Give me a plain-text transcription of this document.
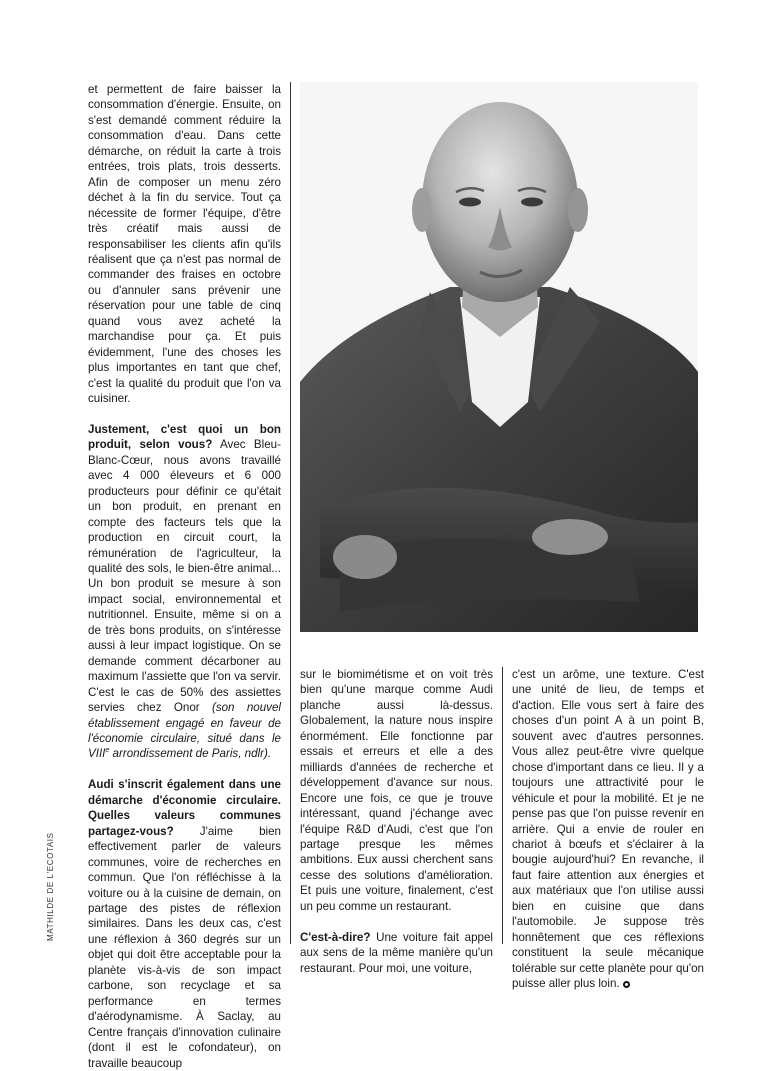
et permettent de faire baisser la consommation d'énergie. Ensuite, on s'est demandé comment réduire la consommation d'eau. Dans cette démarche, on réduit la carte à trois entrées, trois plats, trois desserts. Afin de composer un menu zéro déchet à la fin du service. Tout ça nécessite de former l'équipe, d'être très créatif mais aussi de responsabiliser les clients afin qu'ils réalisent que ça n'est pas normal de commander des fraises en octobre ou d'annuler sans prévenir une réservation pour une table de cinq quand vous avez acheté la marchandise pour ça. Et puis évidemment, l'une des choses les plus importantes en tant que chef, c'est la qualité du produit que l'on va cuisiner.

Justement, c'est quoi un bon produit, selon vous? Avec Bleu-Blanc-Cœur, nous avons travaillé avec 4 000 éleveurs et 6 000 producteurs pour définir ce qu'était un bon produit, en prenant en compte des facteurs tels que la production en circuit court, la rémunération de l'agriculteur, la qualité des sols, le bien-être animal... Un bon produit se mesure à son impact social, environnemental et nutritionnel. Ensuite, même si on a de très bons produits, on s'intéresse aussi à leur impact logistique. On se demande comment décarboner au maximum l'assiette que l'on va servir. C'est le cas de 50% des assiettes servies chez Onor (son nouvel établissement engagé en faveur de l'économie circulaire, situé dans le VIIIe arrondissement de Paris, ndlr).

Audi s'inscrit également dans une démarche d'économie circulaire. Quelles valeurs communes partagez-vous? J'aime bien effectivement parler de valeurs communes, voire de recherches en commun. Que l'on réfléchisse à la voiture ou à la cuisine de demain, on partage des pistes de réflexion similaires. Dans les deux cas, c'est une réflexion à 360 degrés sur un objet qui doit être acceptable pour la planète vis-à-vis de son impact carbone, son recyclage et sa performance en termes d'aérodynamisme. À Saclay, au Centre français d'innovation culinaire (dont il est le cofondateur), on travaille beaucoup

sur le biomimétisme et on voit très bien qu'une marque comme Audi planche aussi là-dessus. Globalement, la nature nous inspire énormément. Elle fonctionne par essais et erreurs et elle a des milliards d'années de recherche et développement d'avance sur nous. Encore une fois, ce que je trouve intéressant, quand j'échange avec l'équipe R&D d'Audi, c'est que l'on partage presque les mêmes ambitions. Eux aussi cherchent sans cesse des solutions d'amélioration. Et puis une voiture, finalement, c'est un peu comme un restaurant.

C'est-à-dire? Une voiture fait appel aux sens de la même manière qu'un restaurant. Pour moi, une voiture,

c'est un arôme, une texture. C'est une unité de lieu, de temps et d'action. Elle vous sert à faire des choses d'un point A à un point B, souvent avec d'autres personnes. Vous allez peut-être vivre quelque chose d'important dans ce lieu. Il y a toujours une attractivité pour le véhicule et pour la mobilité. Et je ne pense pas que l'on puisse revenir en arrière. Qui a envie de rouler en chariot à bœufs et s'éclairer à la bougie aujourd'hui? En revanche, il faut faire attention aux énergies et aux matériaux que l'on utilise aussi bien en cuisine que dans l'automobile. Je suppose très honnêtement que ces réflexions constituent la seule mécanique tolérable sur cette planète pour qu'on puisse aller plus loin.

MATHILDE DE L'ECOTAIS
